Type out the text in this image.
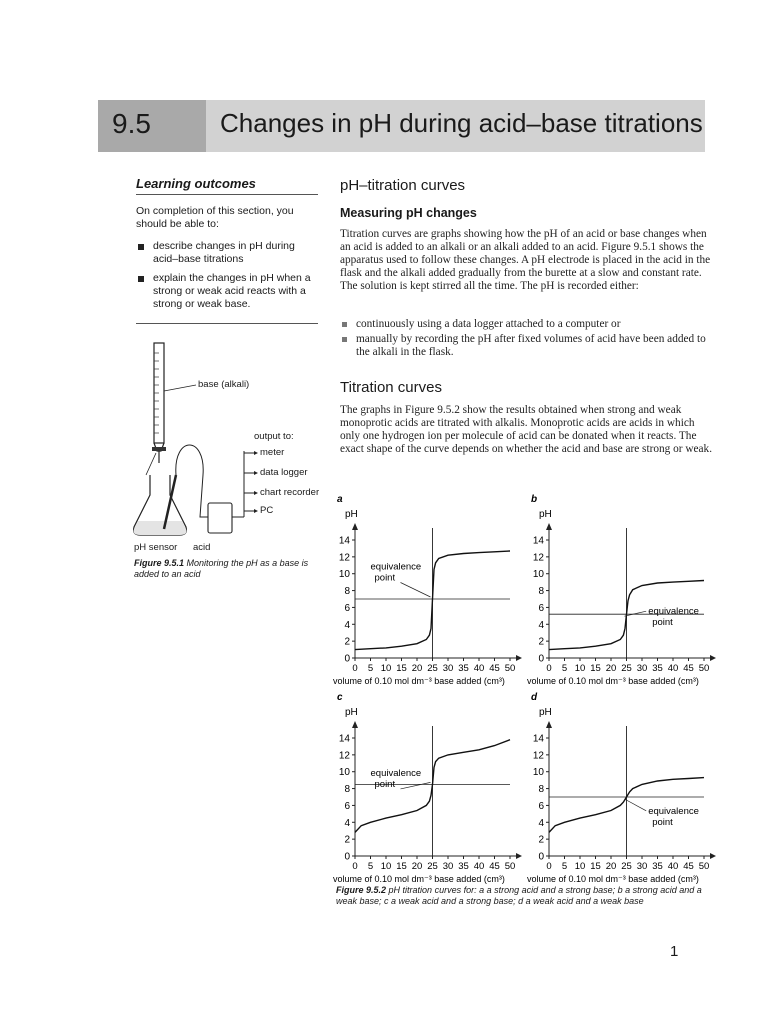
9.5	Changes in pH during acid–base titrations
Learning outcomes
On completion of this section, you should be able to:
describe changes in pH during acid–base titrations
explain the changes in pH when a strong or weak acid reacts with a strong or weak base.
base (alkali)
output to:
meter
data logger
chart recorder
PC
pH sensor acid
Figure 9.5.1 Monitoring the pH as a base is added to an acid
pH–titration curves
Measuring pH changes
Titration curves are graphs showing how the pH of an acid or base changes when an acid is added to an alkali or an alkali added to an acid. Figure 9.5.1 shows the apparatus used to follow these changes. A pH electrode is placed in the acid in the flask and the alkali added gradually from the burette at a slow and constant rate. The solution is kept stirred all the time. The pH is recorded either:
continuously using a data logger attached to a computer or
manually by recording the pH after fixed volumes of acid have been added to the alkali in the flask.
Titration curves
The graphs in Figure 9.5.2 show the results obtained when strong and weak monoprotic acids are titrated with alkalis. Monoprotic acids are acids in which only one hydrogen ion per molecule of acid can be donated when it reacts. The exact shape of the curve depends on whether the acid and base are strong or weak.
a
pH
0
2
4
6
8
10
12
14
0 5 10 15 20 25 30 35 40 45 50
volume of 0.10 mol dm⁻³ base added (cm³)
equivalence
point
b
pH
0
2
4
6
8
10
12
14
0 5 10 15 20 25 30 35 40 45 50
volume of 0.10 mol dm⁻³ base added (cm³)
equivalence
point
c
pH
0
2
4
6
8
10
12
14
0 5 10 15 20 25 30 35 40 45 50
volume of 0.10 mol dm⁻³ base added (cm³)
equivalence
point
d
pH
0
2
4
6
8
10
12
14
0 5 10 15 20 25 30 35 40 45 50
volume of 0.10 mol dm⁻³ base added (cm³)
equivalence
point
Figure 9.5.2 pH titration curves for: a a strong acid and a strong base; b a strong acid and a weak base; c a weak acid and a strong base; d a weak acid and a weak base
1
